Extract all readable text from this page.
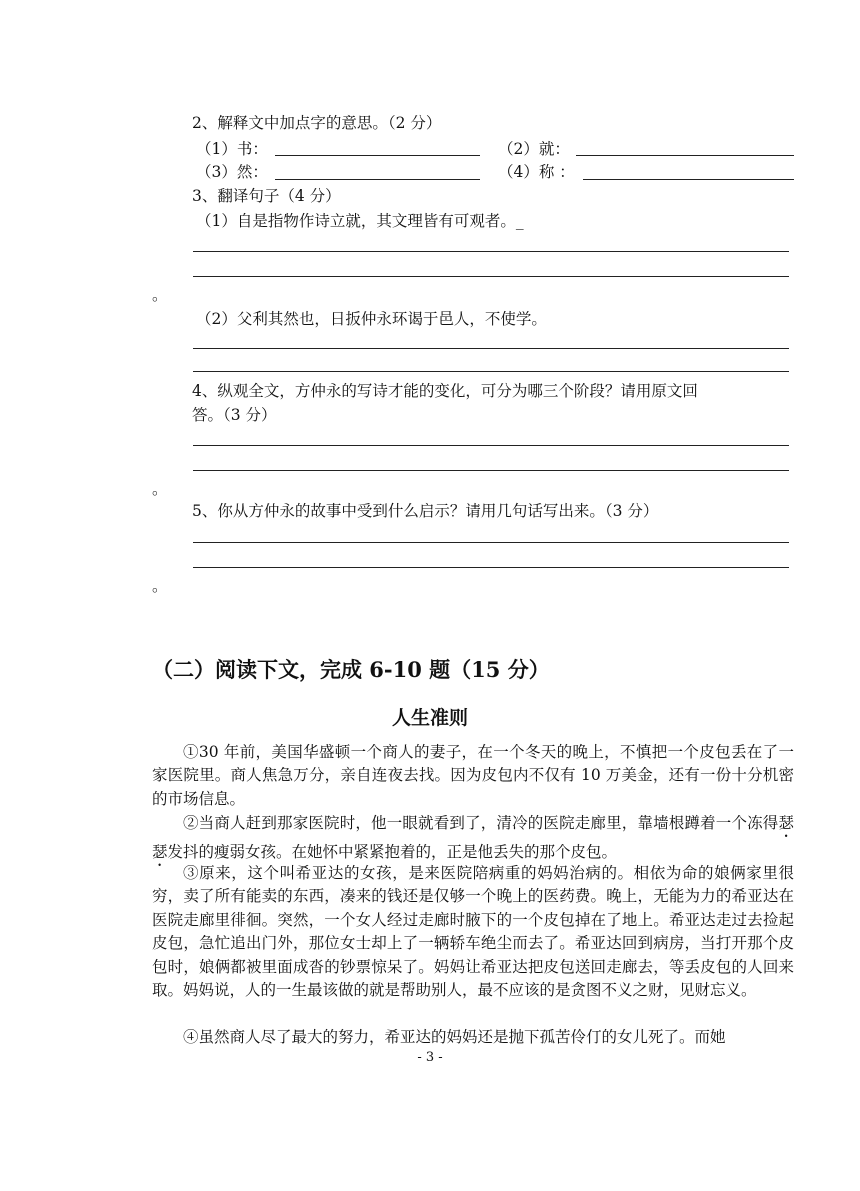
2、解释文中加点字的意思。（2 分）
（1）书：	（2）就：
（3）然：	（4）称 ：
3、翻译句子（4 分）
（1）自是指物作诗立就，其文理皆有可观者。_
。
（2）父利其然也，日扳仲永环谒于邑人，不使学。
4、纵观全文，方仲永的写诗才能的变化，可分为哪三个阶段？请用原文回
答。（3 分）
。
5、你从方仲永的故事中受到什么启示？请用几句话写出来。（3 分）
。
（二）阅读下文，完成 6-10 题（15 分）
人生准则
①30 年前，美国华盛顿一个商人的妻子，在一个冬天的晚上，不慎把一个皮包丢在了一家医院里。商人焦急万分，亲自连夜去找。因为皮包内不仅有 10 万美金，还有一份十分机密的市场信息。
②当商人赶到那家医院时，他一眼就看到了，清冷的医院走廊里，靠墙根蹲着一个冻得瑟瑟发抖的瘦弱女孩。在她怀中紧紧抱着的，正是他丢失的那个皮包。
③原来，这个叫希亚达的女孩，是来医院陪病重的妈妈治病的。相依为命的娘俩家里很穷，卖了所有能卖的东西，凑来的钱还是仅够一个晚上的医药费。晚上，无能为力的希亚达在医院走廊里徘徊。突然，一个女人经过走廊时腋下的一个皮包掉在了地上。希亚达走过去捡起皮包，急忙追出门外，那位女士却上了一辆轿车绝尘而去了。希亚达回到病房，当打开那个皮包时，娘俩都被里面成沓的钞票惊呆了。妈妈让希亚达把皮包送回走廊去，等丢皮包的人回来取。妈妈说，人的一生最该做的就是帮助别人，最不应该的是贪图不义之财，见财忘义。
④虽然商人尽了最大的努力，希亚达的妈妈还是抛下孤苦伶仃的女儿死了。而她
- 3 -
